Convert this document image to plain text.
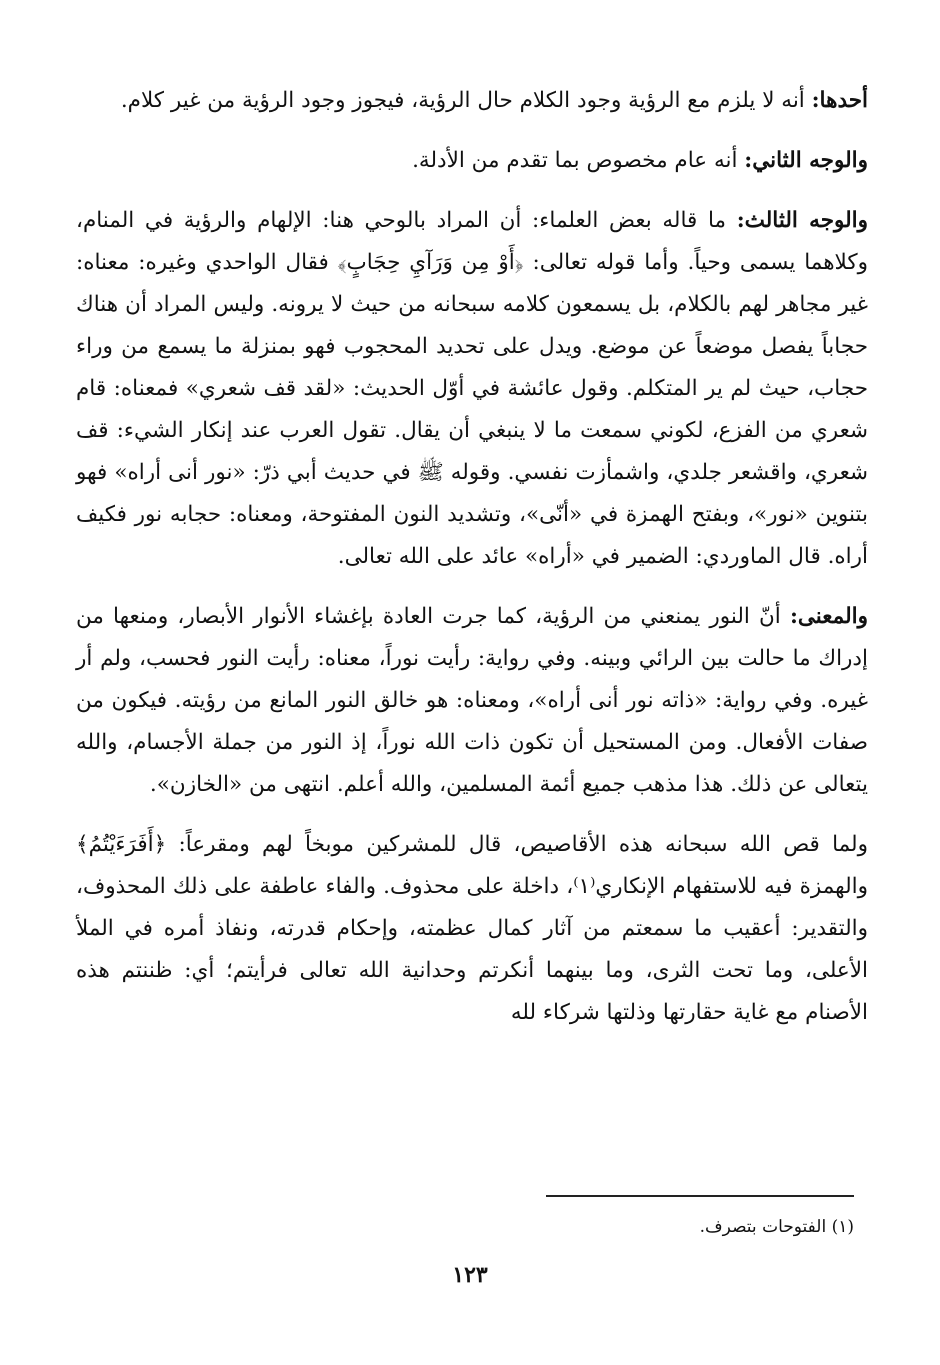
أحدها: أنه لا يلزم مع الرؤية وجود الكلام حال الرؤية، فيجوز وجود الرؤية من غير كلام.

والوجه الثاني: أنه عام مخصوص بما تقدم من الأدلة.

والوجه الثالث: ما قاله بعض العلماء: أن المراد بالوحي هنا: الإلهام والرؤية في المنام، وكلاهما يسمى وحياً. وأما قوله تعالى: ﴿أَوْ مِن وَرَآيِ حِجَابٍ﴾ فقال الواحدي وغيره: معناه: غير مجاهر لهم بالكلام، بل يسمعون كلامه سبحانه من حيث لا يرونه. وليس المراد أن هناك حجاباً يفصل موضعاً عن موضع. ويدل على تحديد المحجوب فهو بمنزلة ما يسمع من وراء حجاب، حيث لم ير المتكلم. وقول عائشة في أوّل الحديث: «لقد قف شعري» فمعناه: قام شعري من الفزع، لكوني سمعت ما لا ينبغي أن يقال. تقول العرب عند إنكار الشيء: قف شعري، واقشعر جلدي، واشمأزت نفسي. وقوله ﷺ في حديث أبي ذرّ: «نور أنى أراه» فهو بتنوين «نور»، وبفتح الهمزة في «أنّى»، وتشديد النون المفتوحة، ومعناه: حجابه نور فكيف أراه. قال الماوردي: الضمير في «أراه» عائد على الله تعالى.

والمعنى: أنّ النور يمنعني من الرؤية، كما جرت العادة بإغشاء الأنوار الأبصار، ومنعها من إدراك ما حالت بين الرائي وبينه. وفي رواية: رأيت نوراً، معناه: رأيت النور فحسب، ولم أر غيره. وفي رواية: «ذاته نور أنى أراه»، ومعناه: هو خالق النور المانع من رؤيته. فيكون من صفات الأفعال. ومن المستحيل أن تكون ذات الله نوراً، إذ النور من جملة الأجسام، والله يتعالى عن ذلك. هذا مذهب جميع أئمة المسلمين، والله أعلم. انتهى من «الخازن».

ولما قص الله سبحانه هذه الأقاصيص، قال للمشركين موبخاً لهم ومقرعاً: ﴿أَفَرَءَيْتُمُ﴾ والهمزة فيه للاستفهام الإنكاري⁽١⁾، داخلة على محذوف. والفاء عاطفة على ذلك المحذوف، والتقدير: أعقيب ما سمعتم من آثار كمال عظمته، وإحكام قدرته، ونفاذ أمره في الملأ الأعلى، وما تحت الثرى، وما بينهما أنكرتم وحدانية الله تعالى فرأيتم؛ أي: ظننتم هذه الأصنام مع غاية حقارتها وذلتها شركاء لله

(١) الفتوحات بتصرف.
١٢٣
